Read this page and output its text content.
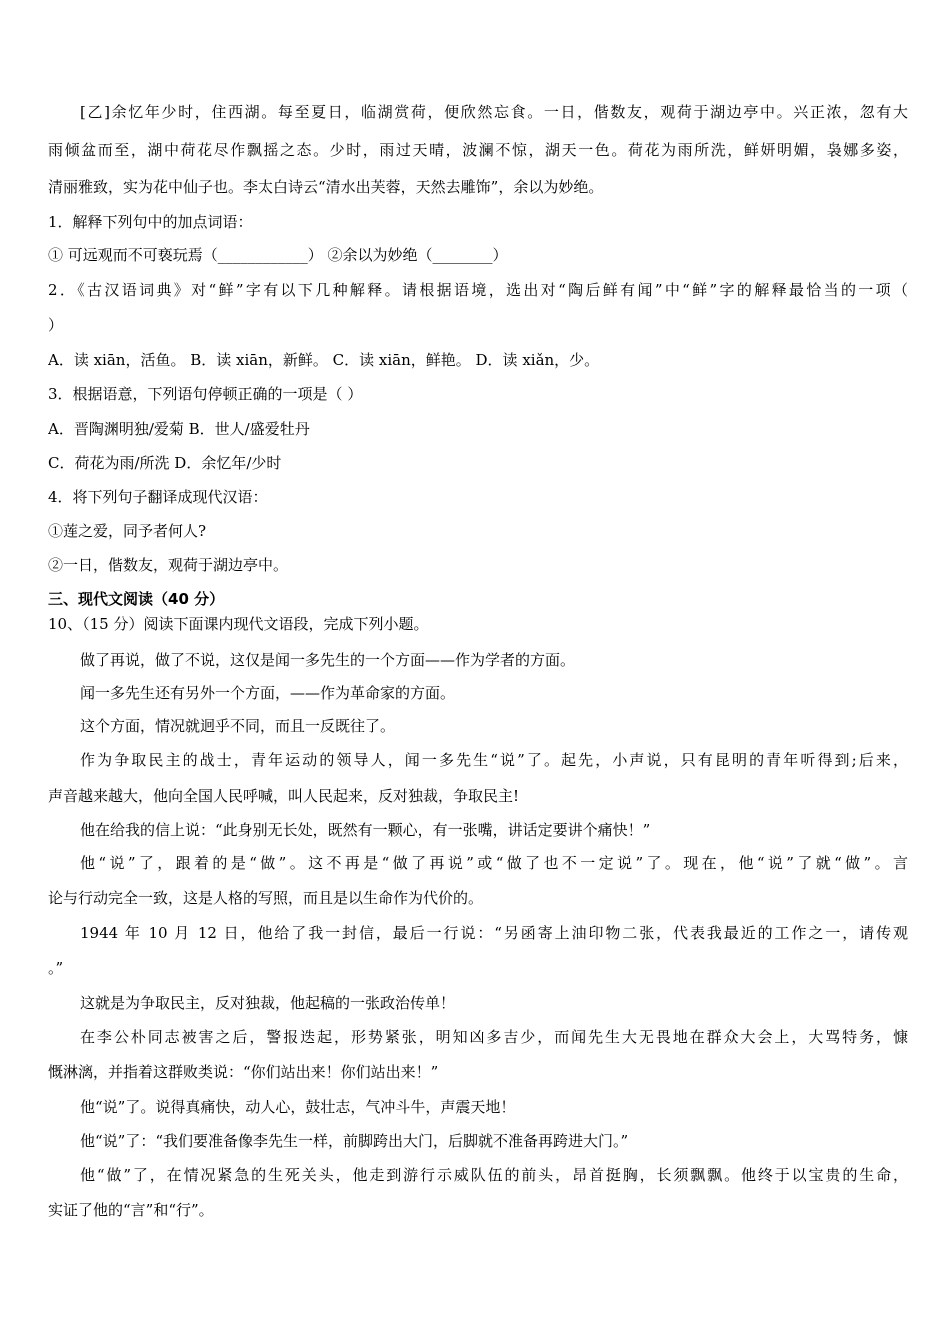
[乙]余忆年少时，住西湖。每至夏日，临湖赏荷，便欣然忘食。一日，偕数友，观荷于湖边亭中。兴正浓，忽有大
雨倾盆而至，湖中荷花尽作飘摇之态。少时，雨过天晴，波澜不惊，湖天一色。荷花为雨所洗，鲜妍明媚，袅娜多姿，
清丽雅致，实为花中仙子也。李太白诗云“清水出芙蓉，天然去雕饰”，余以为妙绝。
1．解释下列句中的加点词语：
① 可远观而不可亵玩焉（____________） ②余以为妙绝（________）
2．《古汉语词典》对“鲜”字有以下几种解释。请根据语境，选出对“陶后鲜有闻”中“鲜”字的解释最恰当的一项（
）
A．读 xiān，活鱼。 B．读 xiān，新鲜。 C．读 xiān，鲜艳。 D．读 xiǎn，少。
3．根据语意，下列语句停顿正确的一项是（ ）
A．晋陶渊明独/爱菊 B．世人/盛爱牡丹
C．荷花为雨/所洗 D．余忆年/少时
4．将下列句子翻译成现代汉语：
①莲之爱，同予者何人?
②一日，偕数友，观荷于湖边亭中。
三、现代文阅读（40 分）
10、（15 分）阅读下面课内现代文语段，完成下列小题。
做了再说，做了不说，这仅是闻一多先生的一个方面——作为学者的方面。
闻一多先生还有另外一个方面，——作为革命家的方面。
这个方面，情况就迥乎不同，而且一反既往了。
作为争取民主的战士，青年运动的领导人，闻一多先生“说”了。起先，小声说，只有昆明的青年听得到;后来，
声音越来越大，他向全国人民呼喊，叫人民起来，反对独裁，争取民主!
他在给我的信上说：“此身别无长处，既然有一颗心，有一张嘴，讲话定要讲个痛快！”
他“说”了，跟着的是“做”。这不再是“做了再说”或“做了也不一定说”了。现在，他“说”了就“做”。言
论与行动完全一致，这是人格的写照，而且是以生命作为代价的。
1944 年 10 月 12 日，他给了我一封信，最后一行说：“另函寄上油印物二张，代表我最近的工作之一，请传观
。”
这就是为争取民主，反对独裁，他起稿的一张政治传单！
在李公朴同志被害之后，警报迭起，形势紧张，明知凶多吉少，而闻先生大无畏地在群众大会上，大骂特务，慷
慨淋漓，并指着这群败类说：“你们站出来！你们站出来！”
他“说”了。说得真痛快，动人心，鼓壮志，气冲斗牛，声震天地！
他“说”了：“我们要准备像李先生一样，前脚跨出大门，后脚就不准备再跨进大门。”
他“做”了，在情况紧急的生死关头，他走到游行示威队伍的前头，昂首挺胸，长须飘飘。他终于以宝贵的生命，
实证了他的“言”和“行”。
